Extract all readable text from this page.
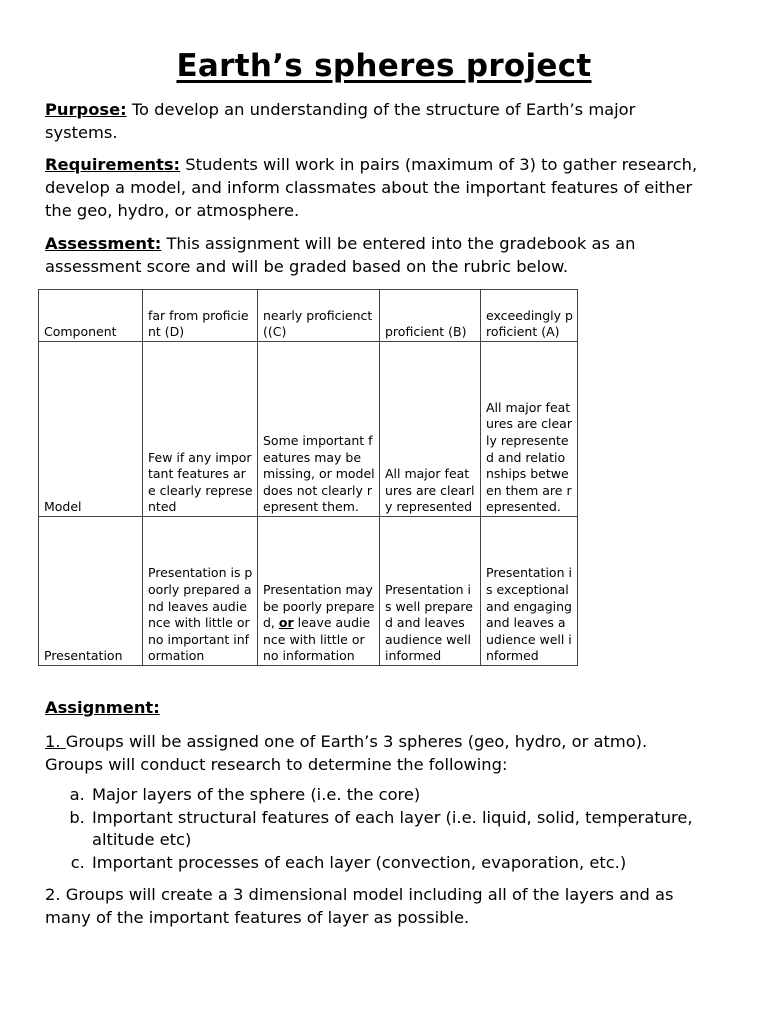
Earth’s spheres project

Purpose: To develop an understanding of the structure of Earth’s major systems.

Requirements: Students will work in pairs (maximum of 3) to gather research, develop a model, and inform classmates about the important features of either the geo, hydro, or atmosphere.

Assessment: This assignment will be entered into the gradebook as an assessment score and will be graded based on the rubric below.

Component	far from proficient (D)	nearly proficienct ((C)	proficient (B)	exceedingly proficient (A)
Model	Few if any important features are clearly represented	Some important features may be missing, or model does not clearly represent them.	All major features are clearly represented	All major features are clearly represented and relationships between them are represented.
Presentation	Presentation is poorly prepared and leaves audience with little or no important information	Presentation may be poorly prepared, or leave audience with little or no information	Presentation is well prepared and leaves audience well informed	Presentation is exceptional and engaging and leaves audience well informed

Assignment:

1. Groups will be assigned one of Earth’s 3 spheres (geo, hydro, or atmo). Groups will conduct research to determine the following:

a. Major layers of the sphere (i.e. the core)
b. Important structural features of each layer (i.e. liquid, solid, temperature, altitude etc)
c. Important processes of each layer (convection, evaporation, etc.)

2. Groups will create a 3 dimensional model including all of the layers and as many of the important features of layer as possible.
